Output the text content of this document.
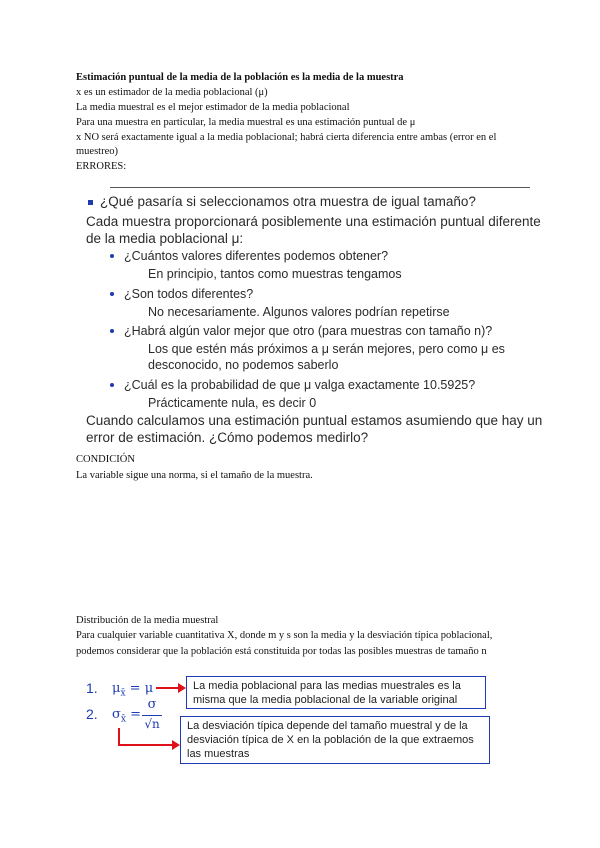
Estimación puntual de la media de la población es la media de la muestra
x es un estimador de la media poblacional (μ)
La media muestral es el mejor estimador de la media poblacional
Para una muestra en particular, la media muestral es una estimación puntual de μ
x NO será exactamente igual a la media poblacional; habrá cierta diferencia entre ambas (error en el
muestreo)
ERRORES:
¿Qué pasaría si seleccionamos otra muestra de igual tamaño?
Cada muestra proporcionará posiblemente una estimación puntual diferente
de la media poblacional μ:
¿Cuántos valores diferentes podemos obtener?
En principio, tantos como muestras tengamos
¿Son todos diferentes?
No necesariamente. Algunos valores podrían repetirse
¿Habrá algún valor mejor que otro (para muestras con tamaño n)?
Los que estén más próximos a μ serán mejores, pero como μ es
desconocido, no podemos saberlo
¿Cuál es la probabilidad de que μ valga exactamente 10.5925?
Prácticamente nula, es decir 0
Cuando calculamos una estimación puntual estamos asumiendo que hay un
error de estimación. ¿Cómo podemos medirlo?
CONDICIÓN
La variable sigue una norma, si el tamaño de la muestra.
Distribución de la media muestral
Para cualquier variable cuantitativa X, donde m y s son la media y la desviación típica poblacional,
podemos considerar que la población está constituida por todas las posibles muestras de tamaño n
1. $\mu_{x̄} = \mu$	La media poblacional para las medias muestrales es la
misma que la media poblacional de la variable original
2. $\sigma_{x̄}$ =
σ
√n La desviación típica depende del tamaño muestral y de la
desviación típica de X en la población de la que extraemos
las muestras
